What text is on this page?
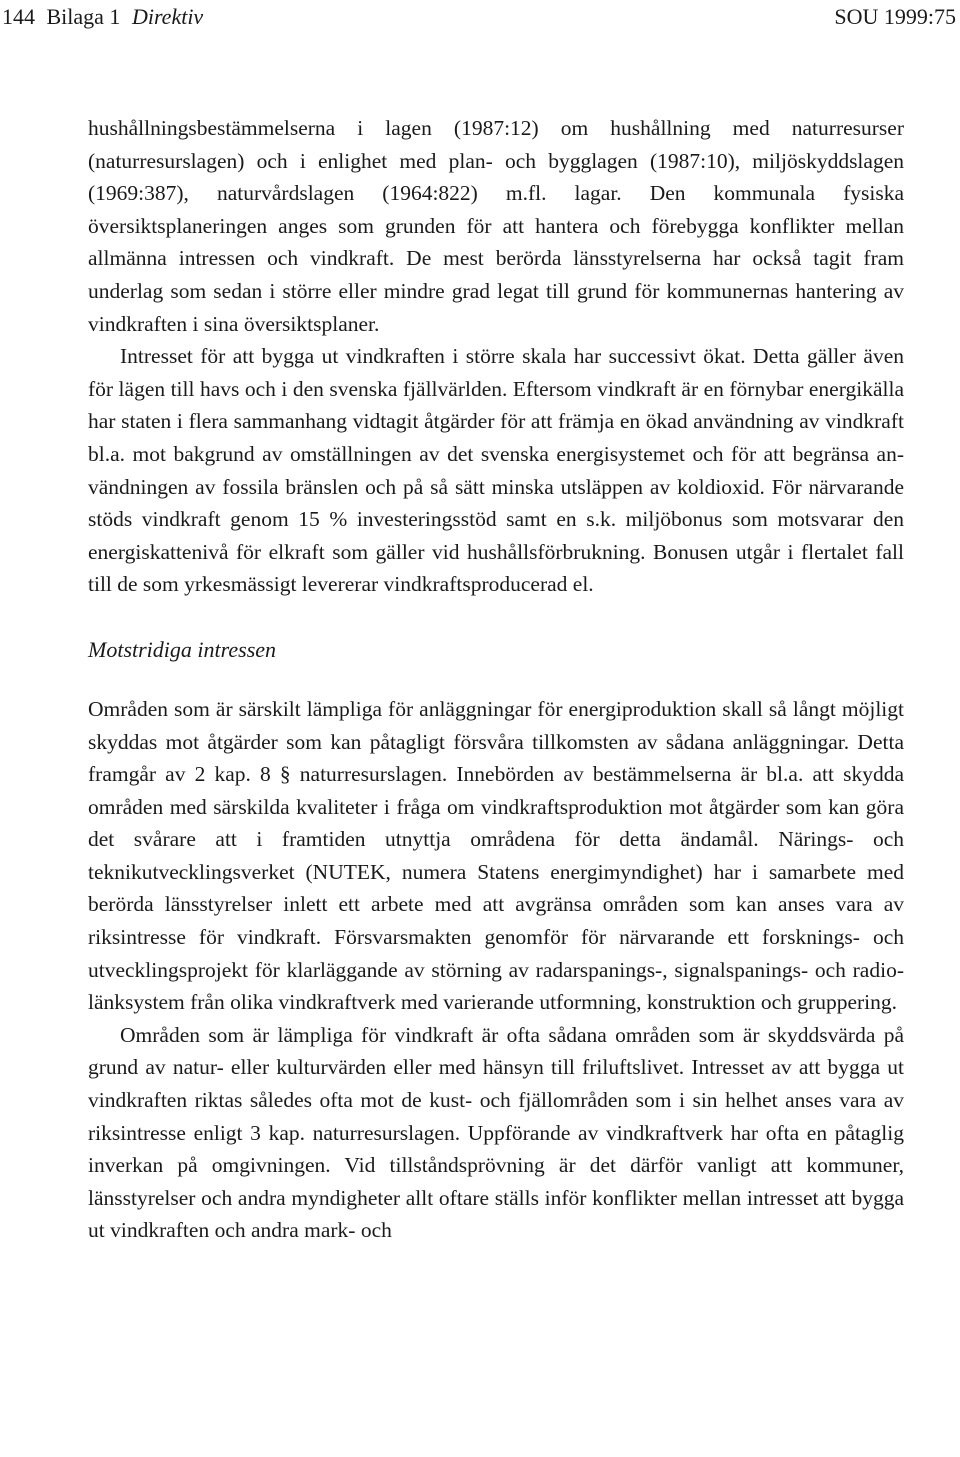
144 Bilaga 1 Direktiv	SOU 1999:75

hushållningsbestämmelserna i lagen (1987:12) om hushållning med naturresurser (naturresurslagen) och i enlighet med plan- och bygglagen (1987:10), miljöskyddslagen (1969:387), naturvårdslagen (1964:822) m.fl. lagar. Den kommunala fysiska översiktsplaneringen anges som grunden för att hantera och förebygga konflikter mellan allmänna intressen och vindkraft. De mest berörda länsstyrelserna har också tagit fram underlag som sedan i större eller mindre grad legat till grund för kommunernas hantering av vindkraften i sina översiktsplaner.

Intresset för att bygga ut vindkraften i större skala har successivt ökat. Detta gäller även för lägen till havs och i den svenska fjällvärlden. Eftersom vindkraft är en förnybar energikälla har staten i flera sammanhang vidtagit åtgärder för att främja en ökad användning av vindkraft bl.a. mot bakgrund av omställningen av det svenska energisystemet och för att begränsa användningen av fossila bränslen och på så sätt minska utsläppen av koldioxid. För närvarande stöds vindkraft genom 15 % investeringsstöd samt en s.k. miljöbonus som motsvarar den energiskattenivå för elkraft som gäller vid hushållsförbrukning. Bonusen utgår i flertalet fall till de som yrkesmässigt levererar vindkraftsproducerad el.

Motstridiga intressen

Områden som är särskilt lämpliga för anläggningar för energiproduktion skall så långt möjligt skyddas mot åtgärder som kan påtagligt försvåra tillkomsten av sådana anläggningar. Detta framgår av 2 kap. 8 § naturresurslagen. Innebörden av bestämmelserna är bl.a. att skydda områden med särskilda kvaliteter i fråga om vindkraftsproduktion mot åtgärder som kan göra det svårare att i framtiden utnyttja områdena för detta ändamål. Närings- och teknikutvecklingsverket (NUTEK, numera Statens energimyndighet) har i samarbete med berörda länsstyrelser inlett ett arbete med att avgränsa områden som kan anses vara av riksintresse för vindkraft. Försvarsmakten genomför för närvarande ett forsknings- och utvecklingsprojekt för klarläggande av störning av radarspanings-, signalspanings- och radiolänksystem från olika vindkraftverk med varierande utformning, konstruktion och gruppering.

Områden som är lämpliga för vindkraft är ofta sådana områden som är skyddsvärda på grund av natur- eller kulturvärden eller med hänsyn till friluftslivet. Intresset av att bygga ut vindkraften riktas således ofta mot de kust- och fjällområden som i sin helhet anses vara av riksintresse enligt 3 kap. naturresurslagen. Uppförande av vindkraftverk har ofta en påtaglig inverkan på omgivningen. Vid tillståndsprövning är det därför vanligt att kommuner, länsstyrelser och andra myndigheter allt oftare ställs inför konflikter mellan intresset att bygga ut vindkraften och andra mark- och
